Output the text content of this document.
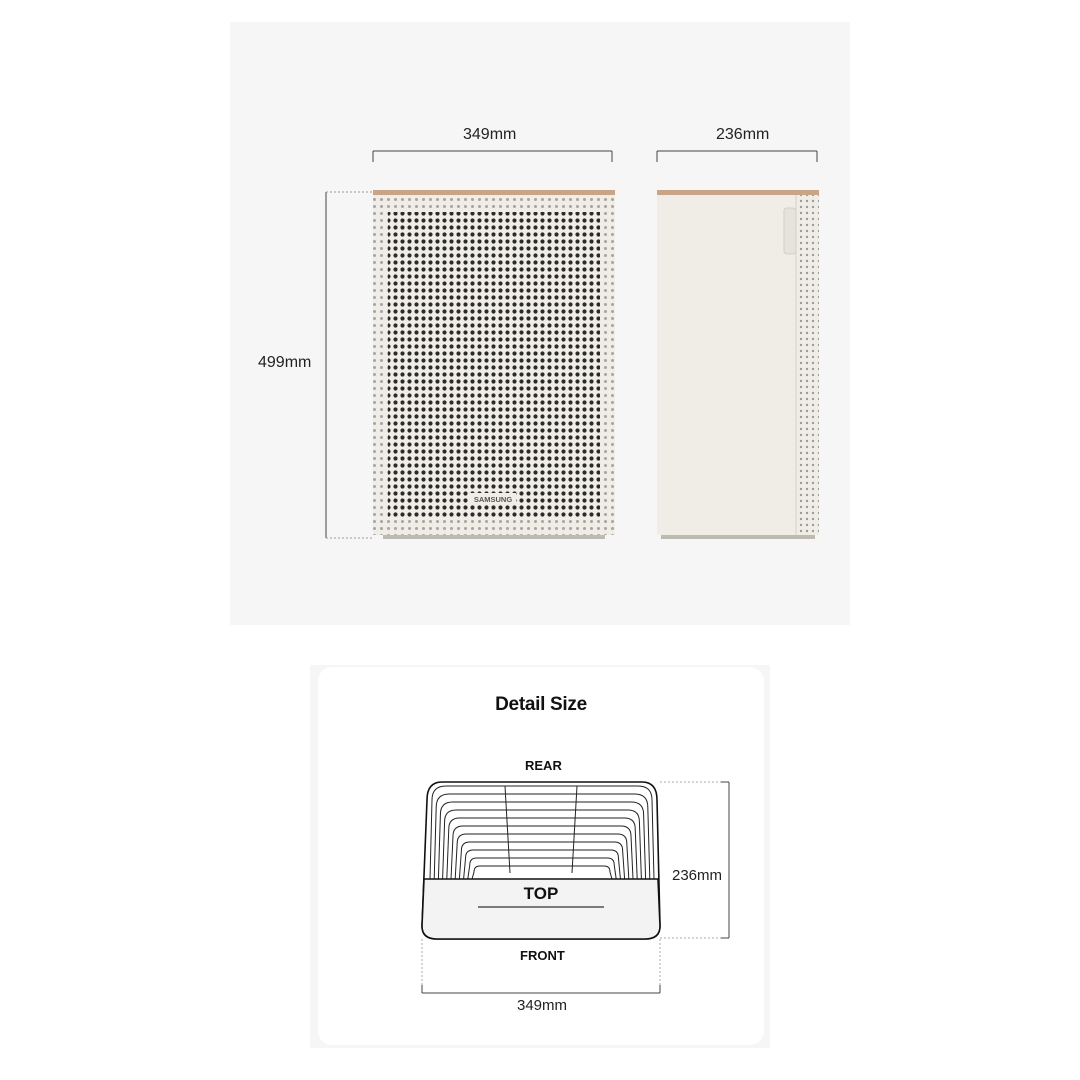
SAMSUNG
349mm	236mm
499mm
Detail Size
REAR
TOP
FRONT
236mm
349mm
